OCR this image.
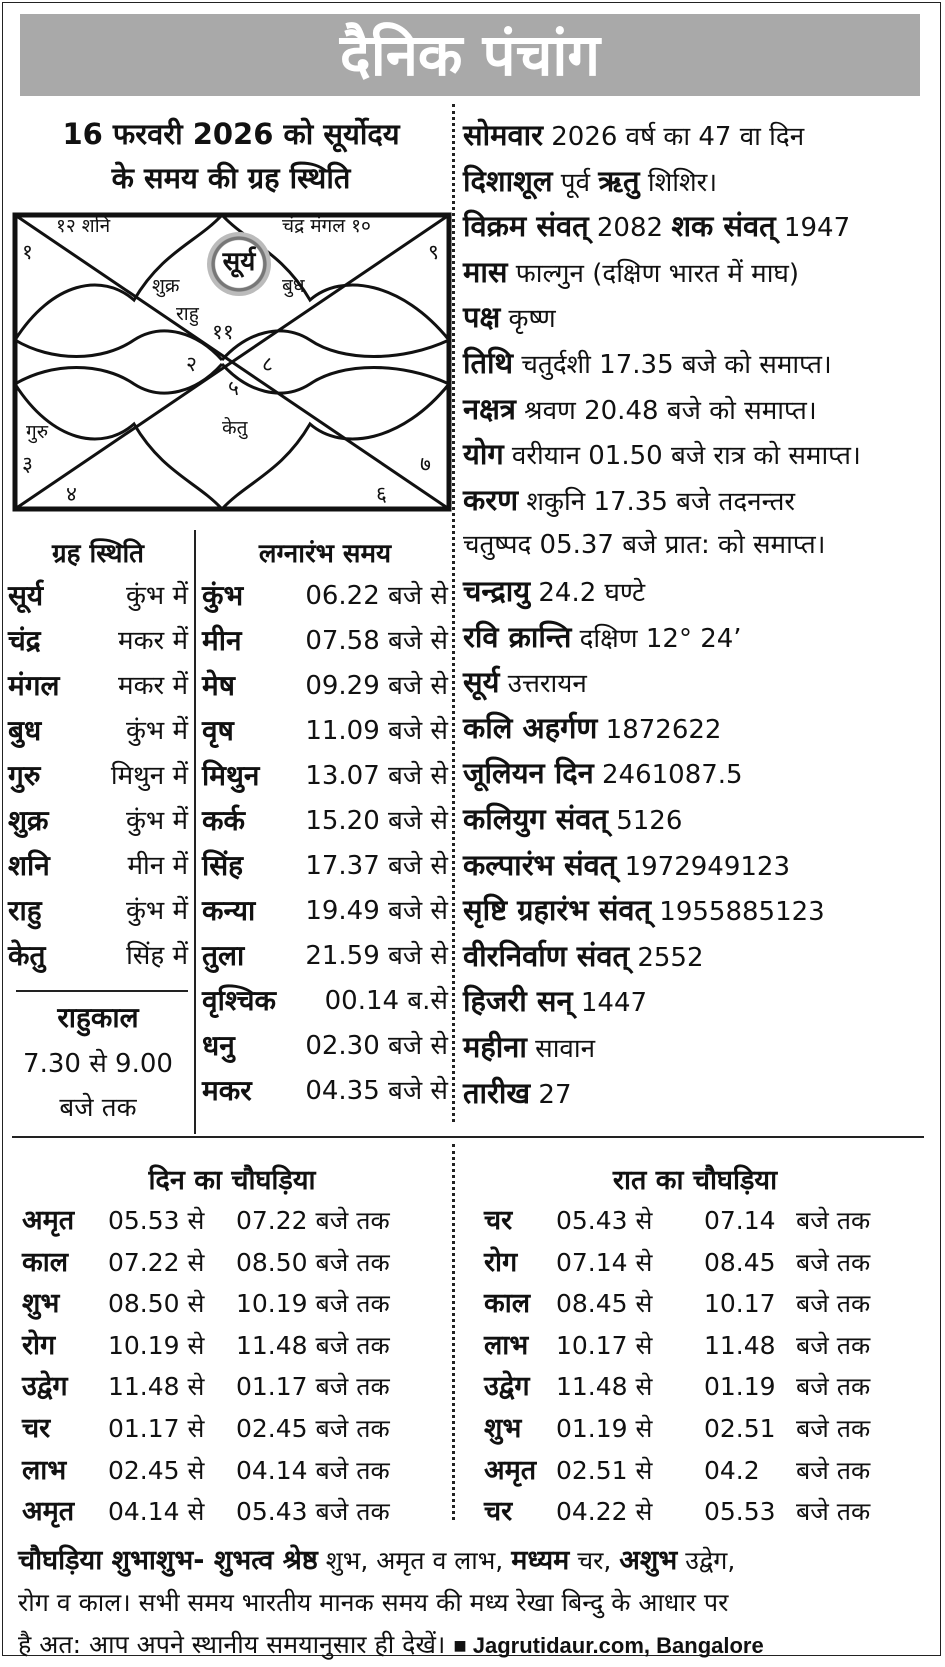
दैनिक पंचांग
16 फरवरी 2026 को सूर्योदय
के समय की ग्रह स्थिति
१२ शनि	चंद्र मंगल १०
१	९
शुक्र	बुध
सूर्य
राहु
११
२	८
५
केतु
गुरु
३	७
४	६
ग्रह स्थिति
सूर्य	कुंभ में
चंद्र	मकर में
मंगल मकर में
बुध	कुंभ में
गुरु	मिथुन में
शुक्र	कुंभ में
शनि	मीन में
राहु	कुंभ में
केतु	सिंह में
राहुकाल
7.30 से 9.00
बजे तक
लग्नारंभ समय
कुंभ 06.22 बजे से
मीन 07.58 बजे से
मेष	09.29 बजे से
वृष	11.09 बजे से
मिथुन 13.07 बजे से
कर्क 15.20 बजे से
सिंह 17.37 बजे से
कन्या 19.49 बजे से
तुला 21.59 बजे से
वृश्चिक 00.14 ब.से
धनु	02.30 बजे से
मकर 04.35 बजे से
सोमवार 2026 वर्ष का 47 वा दिन
दिशाशूल पूर्व ऋतु शिशिर।
विक्रम संवत् 2082 शक संवत् 1947
मास फाल्गुन (दक्षिण भारत में माघ)
पक्ष कृष्ण
तिथि चतुर्दशी 17.35 बजे को समाप्त।
नक्षत्र श्रवण 20.48 बजे को समाप्त।
योग वरीयान 01.50 बजे रात्र को समाप्त।
करण शकुनि 17.35 बजे तदनन्तर
चतुष्पद 05.37 बजे प्रात: को समाप्त।
चन्द्रायु 24.2 घण्टे
रवि क्रान्ति दक्षिण 12° 24’
सूर्य उत्तरायन
कलि अहर्गण 1872622
जूलियन दिन 2461087.5
कलियुग संवत् 5126
कल्पारंभ संवत् 1972949123
सृष्टि ग्रहारंभ संवत् 1955885123
वीरनिर्वाण संवत् 2552
हिजरी सन् 1447
महीना सावान
तारीख 27
दिन का चौघड़िया	रात का चौघड़िया
अमृत 05.53 से 07.22 बजे तक
काल 07.22 से 08.50 बजे तक
शुभ 08.50 से 10.19 बजे तक
रोग 10.19 से 11.48 बजे तक
उद्वेग 11.48 से 01.17 बजे तक
चर 01.17 से 02.45 बजे तक
लाभ 02.45 से 04.14 बजे तक
अमृत 04.14 से 05.43 बजे तक
चर 05.43 से 07.14 बजे तक
रोग 07.14 से 08.45 बजे तक
काल 08.45 से 10.17 बजे तक
लाभ 10.17 से 11.48 बजे तक
उद्वेग 11.48 से 01.19 बजे तक
शुभ 01.19 से 02.51 बजे तक
अमृत 02.51 से 04.2 बजे तक
चर 04.22 से 05.53 बजे तक
चौघड़िया शुभाशुभ- शुभत्व श्रेष्ठ शुभ, अमृत व लाभ, मध्यम चर, अशुभ उद्वेग,
रोग व काल। सभी समय भारतीय मानक समय की मध्य रेखा बिन्दु के आधार पर
है अत: आप अपने स्थानीय समयानुसार ही देखें। ■ Jagrutidaur.com, Bangalore
